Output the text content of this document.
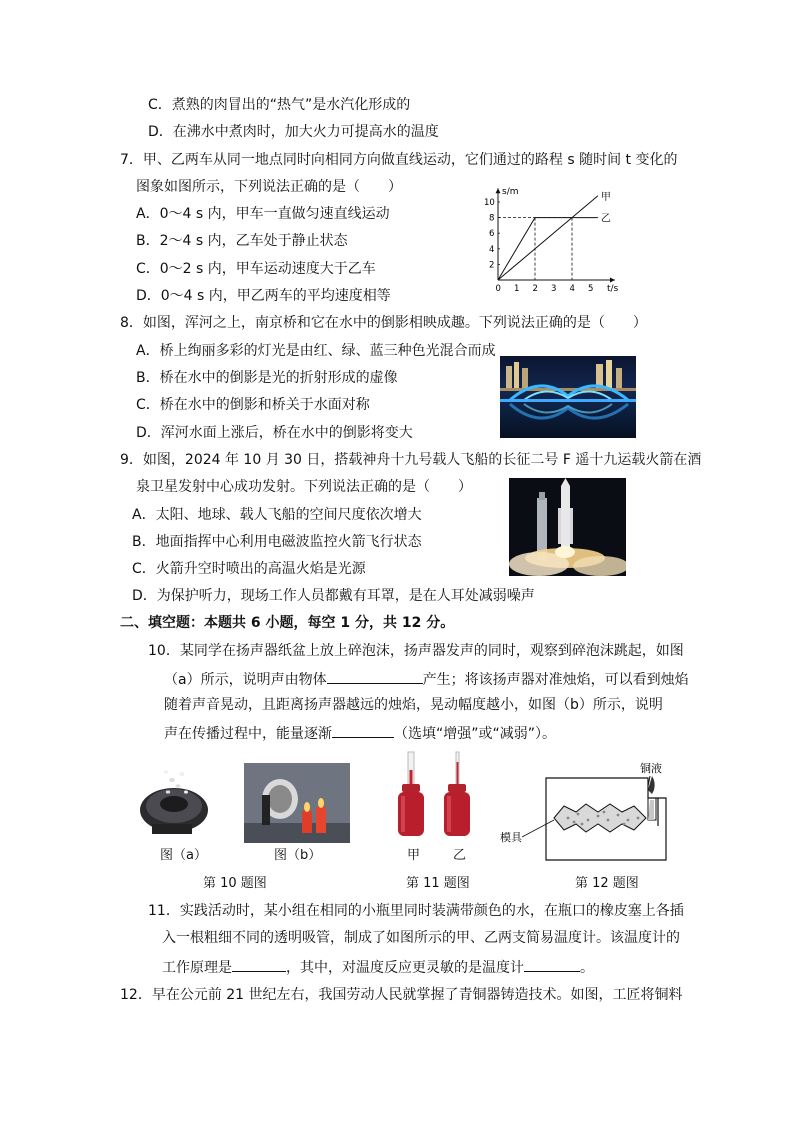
C．煮熟的肉冒出的“热气”是水汽化形成的
D．在沸水中煮肉时，加大火力可提高水的温度
7．甲、乙两车从同一地点同时向相同方向做直线运动，它们通过的路程 s 随时间 t 变化的
图象如图所示，下列说法正确的是（　　）
A．0～4 s 内，甲车一直做匀速直线运动
B．2～4 s 内，乙车处于静止状态
C．0～2 s 内，甲车运动速度大于乙车
D．0～4 s 内，甲乙两车的平均速度相等
s/m
t/s
0 1 2 3 4 5
2
4
6
8
10
甲
乙
8．如图，浑河之上，南京桥和它在水中的倒影相映成趣。下列说法正确的是（　　）
A．桥上绚丽多彩的灯光是由红、绿、蓝三种色光混合而成
B．桥在水中的倒影是光的折射形成的虚像
C．桥在水中的倒影和桥关于水面对称
D．浑河水面上涨后，桥在水中的倒影将变大
9．如图，2024 年 10 月 30 日，搭载神舟十九号载人飞船的长征二号 F 遥十九运载火箭在酒
泉卫星发射中心成功发射。下列说法正确的是（　　）
A．太阳、地球、载人飞船的空间尺度依次增大
B．地面指挥中心利用电磁波监控火箭飞行状态
C．火箭升空时喷出的高温火焰是光源
D．为保护听力，现场工作人员都戴有耳罩，是在人耳处减弱噪声
二、填空题：本题共 6 小题，每空 1 分，共 12 分。
10．某同学在扬声器纸盆上放上碎泡沫，扬声器发声的同时，观察到碎泡沫跳起，如图
（a）所示，说明声由物体	产生；将该扬声器对准烛焰，可以看到烛焰
随着声音晃动，且距离扬声器越远的烛焰，晃动幅度越小，如图（b）所示，说明
声在传播过程中，能量逐渐	（选填“增强”或“减弱”）。
图（a）	图（b）	甲	乙
铜液
模具
第 10 题图	第 11 题图	第 12 题图
11．实践活动时，某小组在相同的小瓶里同时装满带颜色的水，在瓶口的橡皮塞上各插
入一根粗细不同的透明吸管，制成了如图所示的甲、乙两支简易温度计。该温度计的
工作原理是	，其中，对温度反应更灵敏的是温度计	。
12．早在公元前 21 世纪左右，我国劳动人民就掌握了青铜器铸造技术。如图，工匠将铜料
